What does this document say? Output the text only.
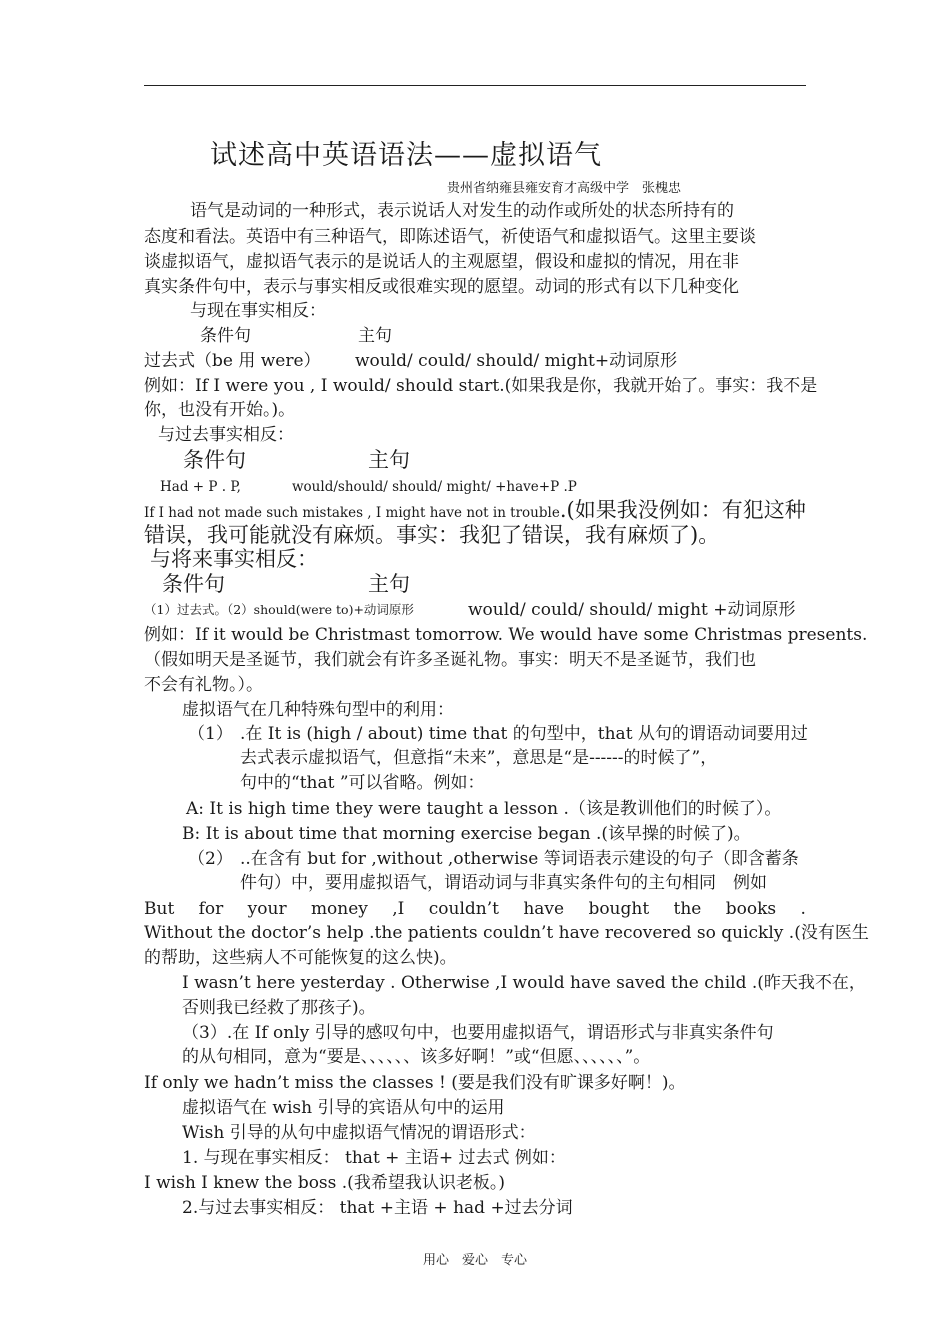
试述高中英语语法——虚拟语气
贵州省纳雍县雍安育才高级中学　张槐忠
语气是动词的一种形式，表示说话人对发生的动作或所处的状态所持有的
态度和看法。英语中有三种语气，即陈述语气，祈使语气和虚拟语气。这里主要谈
谈虚拟语气，虚拟语气表示的是说话人的主观愿望，假设和虚拟的情况，用在非
真实条件句中，表示与事实相反或很难实现的愿望。动词的形式有以下几种变化
与现在事实相反：
条件句	主句
过去式（be 用 were）	would/ could/ should/ might+动词原形
例如：If I were you , I would/ should start.(如果我是你，我就开始了。事实：我不是
你，也没有开始。)。
与过去事实相反：
条件句	主句
Had + P . P,	would/should/ should/ might/ +have+P .P
If I had not made such mistakes , I might have not in trouble.(如果我没例如：有犯这种
错误，我可能就没有麻烦。事实：我犯了错误，我有麻烦了)。
与将来事实相反：
条件句	主句
（1）过去式。（2）should(were to)+动词原形	would/ could/ should/ might +动词原形
例如：If it would be Christmast tomorrow. We would have some Christmas presents.
（假如明天是圣诞节，我们就会有许多圣诞礼物。事实：明天不是圣诞节，我们也
不会有礼物。）。
虚拟语气在几种特殊句型中的利用：
（1） .在 It is (high / about) time that 的句型中，that 从句的谓语动词要用过
去式表示虚拟语气，但意指“未来”，意思是“是------的时候了”，
句中的“that ”可以省略。例如：
A: It is high time they were taught a lesson .（该是教训他们的时候了）。
B: It is about time that morning exercise began .(该早操的时候了)。
（2） ..在含有 but for ,without ,otherwise 等词语表示建设的句子（即含蓄条
件句）中，要用虚拟语气，谓语动词与非真实条件句的主句相同　例如
But for your money ,I couldn’t have bought the books .
Without the doctor’s help .the patients couldn’t have recovered so quickly .(没有医生
的帮助，这些病人不可能恢复的这么快)。
I wasn’t here yesterday . Otherwise ,I would have saved the child .(昨天我不在，
否则我已经救了那孩子)。
（3）.在 If only 引导的感叹句中，也要用虚拟语气，谓语形式与非真实条件句
的从句相同，意为“要是、、、、、、该多好啊！”或“但愿、、、、、、”。
If only we hadn’t miss the classes ! (要是我们没有旷课多好啊！)。
虚拟语气在 wish 引导的宾语从句中的运用
Wish 引导的从句中虚拟语气情况的谓语形式：
1. 与现在事实相反： that + 主语+ 过去式 例如：
I wish I knew the boss .(我希望我认识老板。)
2.与过去事实相反： that +主语 + had +过去分词
用心　爱心　专心
